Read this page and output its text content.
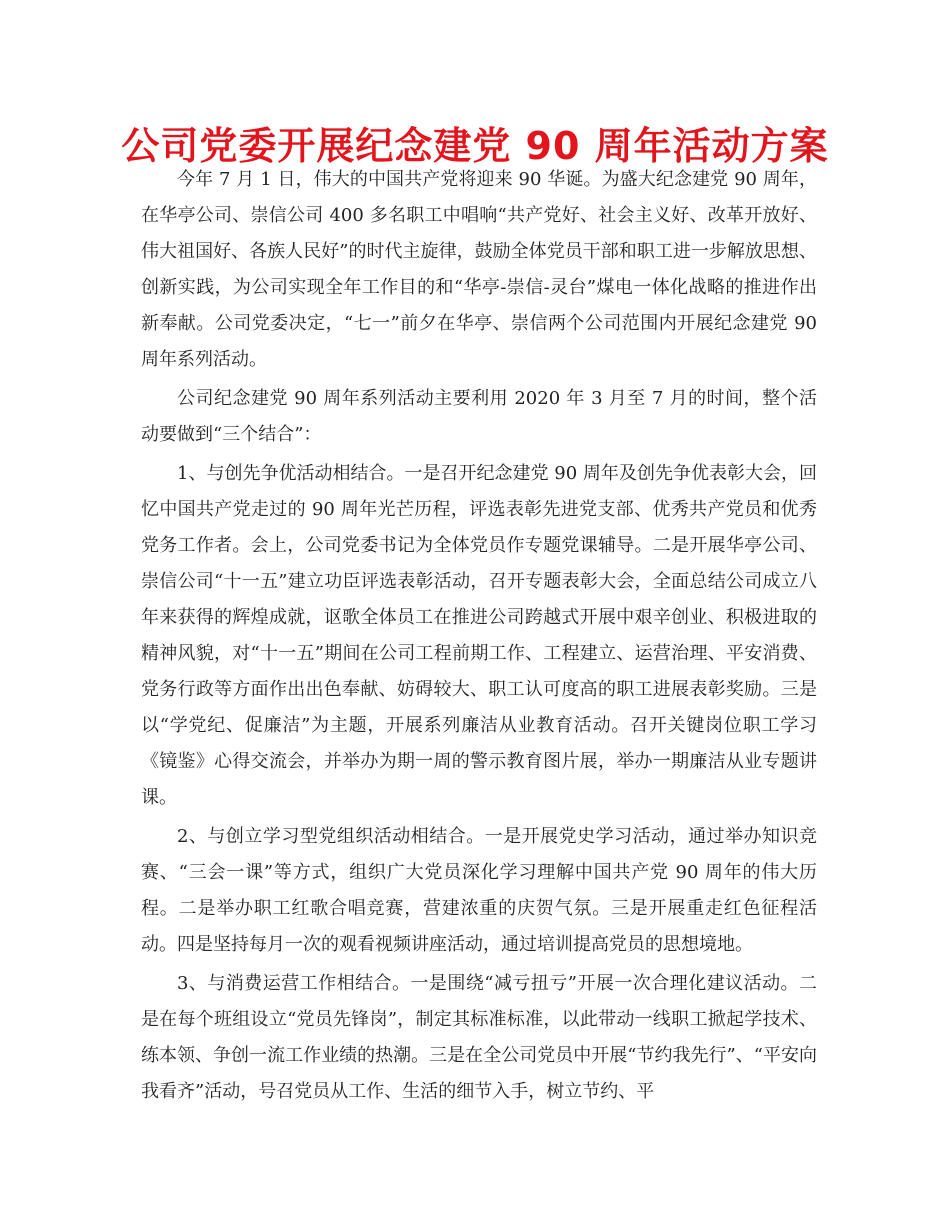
公司党委开展纪念建党 90 周年活动方案

今年 7 月 1 日，伟大的中国共产党将迎来 90 华诞。为盛大纪念建党 90 周年，在华亭公司、崇信公司 400 多名职工中唱响“共产党好、社会主义好、改革开放好、伟大祖国好、各族人民好”的时代主旋律，鼓励全体党员干部和职工进一步解放思想、创新实践，为公司实现全年工作目的和“华亭-崇信-灵台”煤电一体化战略的推进作出新奉献。公司党委决定，“七一”前夕在华亭、崇信两个公司范围内开展纪念建党 90 周年系列活动。

公司纪念建党 90 周年系列活动主要利用 2020 年 3 月至 7 月的时间，整个活动要做到“三个结合”：

1、与创先争优活动相结合。一是召开纪念建党 90 周年及创先争优表彰大会，回忆中国共产党走过的 90 周年光芒历程，评选表彰先进党支部、优秀共产党员和优秀党务工作者。会上，公司党委书记为全体党员作专题党课辅导。二是开展华亭公司、崇信公司“十一五”建立功臣评选表彰活动，召开专题表彰大会，全面总结公司成立八年来获得的辉煌成就，讴歌全体员工在推进公司跨越式开展中艰辛创业、积极进取的精神风貌，对“十一五”期间在公司工程前期工作、工程建立、运营治理、平安消费、党务行政等方面作出出色奉献、妨碍较大、职工认可度高的职工进展表彰奖励。三是以“学党纪、促廉洁”为主题，开展系列廉洁从业教育活动。召开关键岗位职工学习《镜鉴》心得交流会，并举办为期一周的警示教育图片展，举办一期廉洁从业专题讲课。

2、与创立学习型党组织活动相结合。一是开展党史学习活动，通过举办知识竞赛、“三会一课”等方式，组织广大党员深化学习理解中国共产党 90 周年的伟大历程。二是举办职工红歌合唱竞赛，营建浓重的庆贺气氛。三是开展重走红色征程活动。四是坚持每月一次的观看视频讲座活动，通过培训提高党员的思想境地。

3、与消费运营工作相结合。一是围绕“减亏扭亏”开展一次合理化建议活动。二是在每个班组设立“党员先锋岗”，制定其标准标准，以此带动一线职工掀起学技术、练本领、争创一流工作业绩的热潮。三是在全公司党员中开展“节约我先行”、“平安向我看齐”活动，号召党员从工作、生活的细节入手，树立节约、平
